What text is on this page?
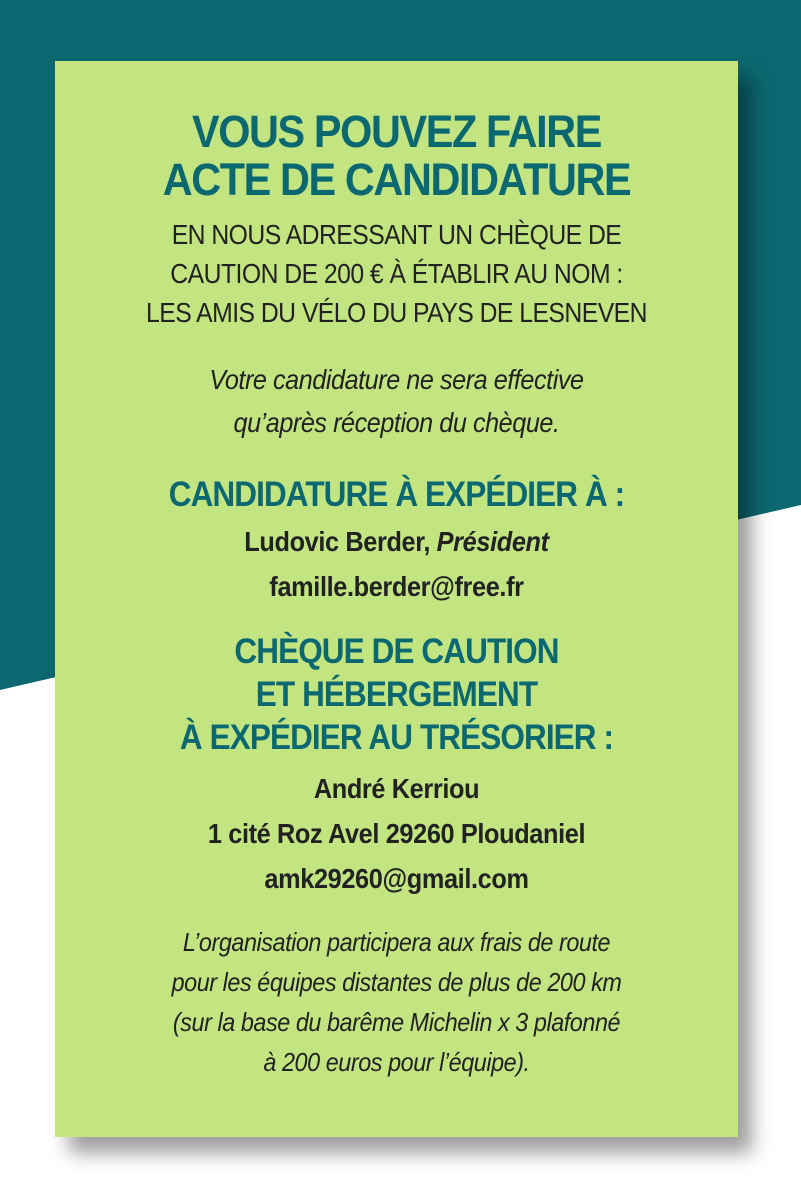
VOUS POUVEZ FAIRE
ACTE DE CANDIDATURE
EN NOUS ADRESSANT UN CHÈQUE DE
CAUTION DE 200 € À ÉTABLIR AU NOM :
LES AMIS DU VÉLO DU PAYS DE LESNEVEN
Votre candidature ne sera effective
qu’après réception du chèque.
CANDIDATURE À EXPÉDIER À :
Ludovic Berder, Président
famille.berder@free.fr
CHÈQUE DE CAUTION
ET HÉBERGEMENT
À EXPÉDIER AU TRÉSORIER :
André Kerriou
1 cité Roz Avel 29260 Ploudaniel
amk29260@gmail.com
L’organisation participera aux frais de route
pour les équipes distantes de plus de 200 km
(sur la base du barême Michelin x 3 plafonné
à 200 euros pour l’équipe).
